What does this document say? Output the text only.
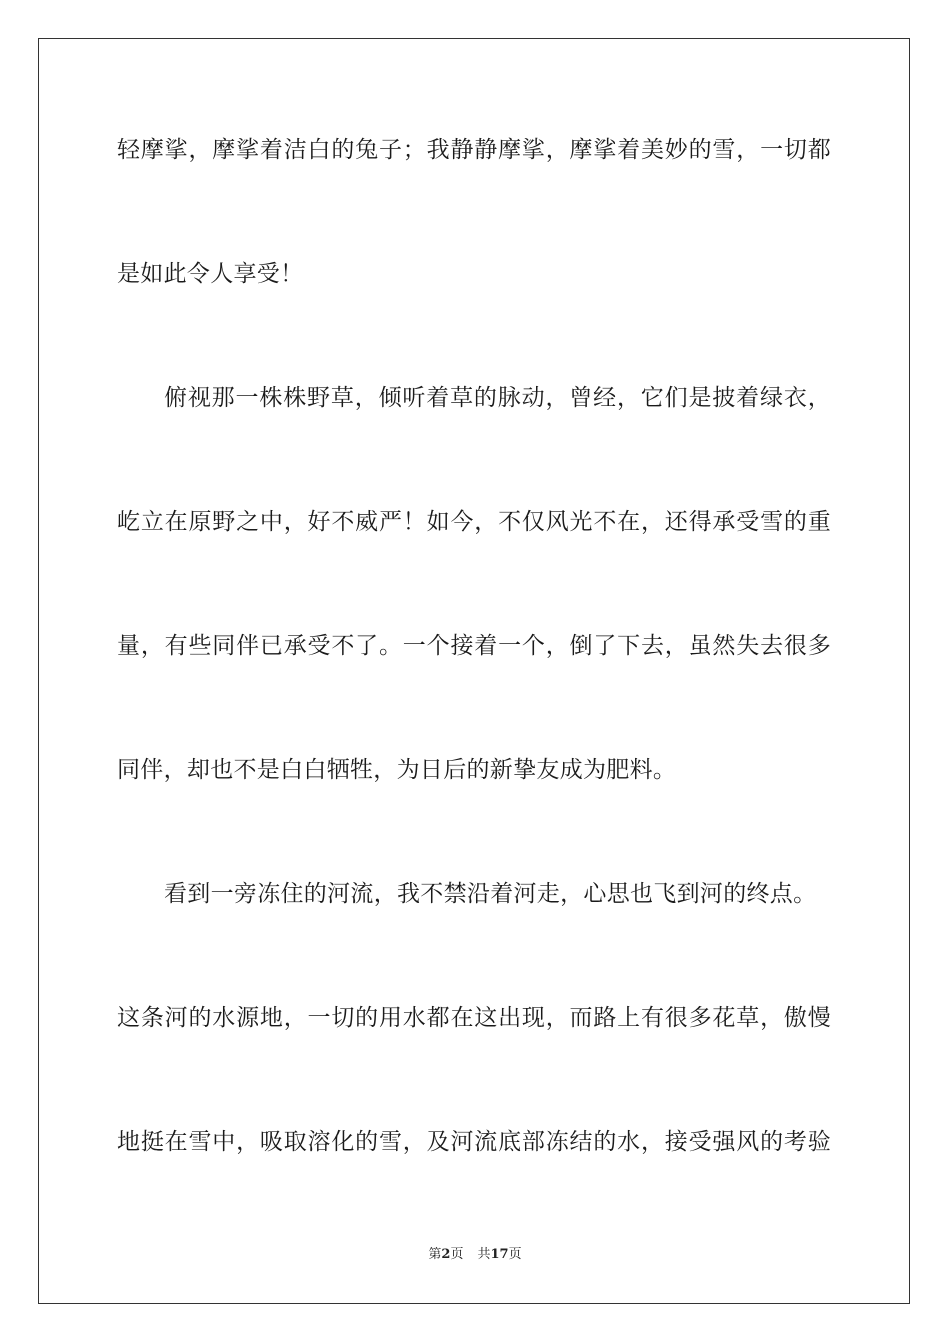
轻摩挲，摩挲着洁白的兔子；我静静摩挲，摩挲着美妙的雪，一切都
是如此令人享受！
俯视那一株株野草，倾听着草的脉动，曾经，它们是披着绿衣，
屹立在原野之中，好不威严！如今，不仅风光不在，还得承受雪的重
量，有些同伴已承受不了。一个接着一个，倒了下去，虽然失去很多
同伴，却也不是白白牺牲，为日后的新挚友成为肥料。
看到一旁冻住的河流，我不禁沿着河走，心思也飞到河的终点。
这条河的水源地，一切的用水都在这出现，而路上有很多花草，傲慢
地挺在雪中，吸取溶化的雪，及河流底部冻结的水，接受强风的考验
第2页 共17页
